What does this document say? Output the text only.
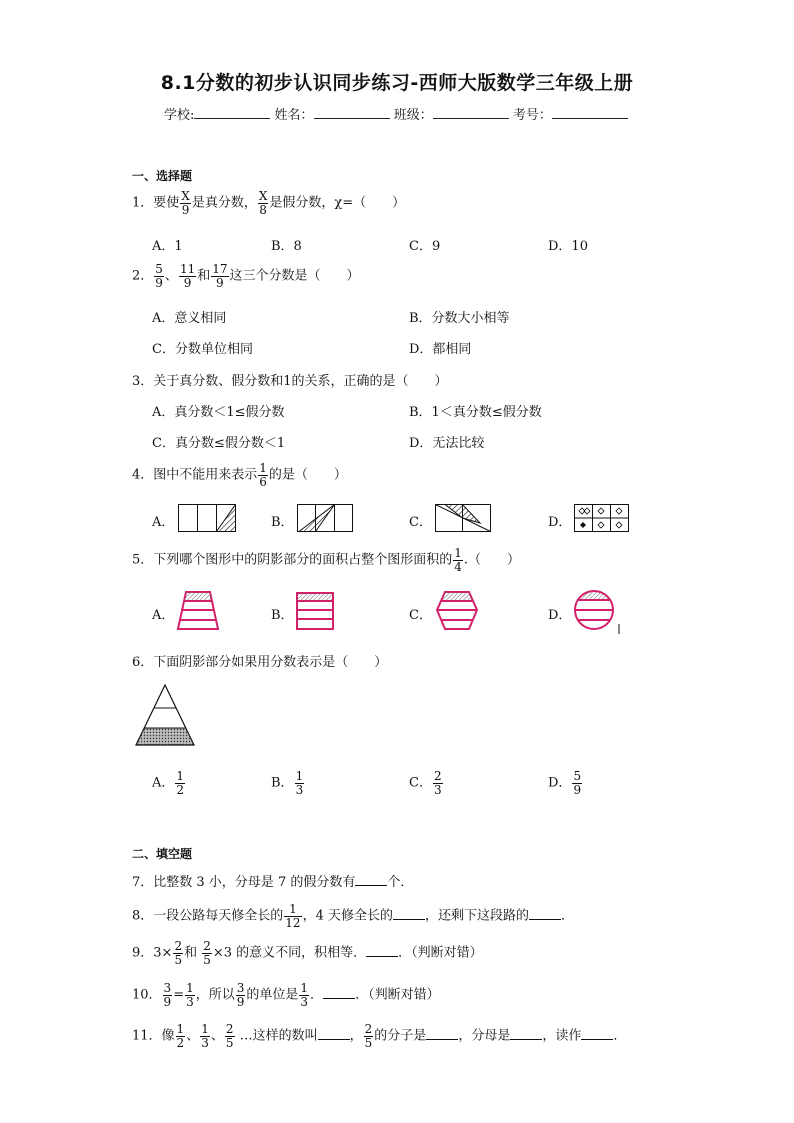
8.1分数的初步认识同步练习-西师大版数学三年级上册
学校:	姓名：	班级：	考号：
一、选择题
1．要使 $\frac{X}{9}$ 是真分数， $\frac{X}{8}$ 是假分数，χ=（　　）
A．1	B．8	C．9	D．10
2． $\frac{5}{9}$ 、 $\frac{11}{9}$ 和 $\frac{17}{9}$ 这三个分数是（　　）
A．意义相同	B．分数大小相等
C．分数单位相同	D．都相同
3．关于真分数、假分数和1的关系，正确的是（　　）
A．真分数＜1≤假分数	B．1＜真分数≤假分数
C．真分数≤假分数＜1	D．无法比较
4．图中不能用来表示 $\frac{1}{6}$ 的是（　　）
A．	B．	C．	D．
5．下列哪个图形中的阴影部分的面积占整个图形面积的 $\frac{1}{4}$ .（　　）
A．	B．	C．	D．
6．下面阴影部分如果用分数表示是（　　）
A． $\frac{1}{2}$	B． $\frac{1}{3}$	C． $\frac{2}{3}$	D． $\frac{5}{9}$
二、填空题
7．比整数 3 小，分母是 7 的假分数有 个．
8．一段公路每天修全长的 $\frac{1}{12}$ ，4 天修全长的 ，还剩下这段路的 ．
9．$3\times \frac{2}{5}$ 和 $\frac{2}{5} \times 3$ 的意义不同，积相等． ．（判断对错）
10． $\frac{3}{9} = \frac{1}{3}$ ，所以 $\frac{3}{9}$ 的单位是 $\frac{1}{3}$ ． ．（判断对错）
11．像 $\frac{1}{2}$ 、 $\frac{1}{3}$ 、 $\frac{2}{5}$ …这样的数叫 ， $\frac{2}{5}$ 的分子是 ，分母是 ，读作 ．
